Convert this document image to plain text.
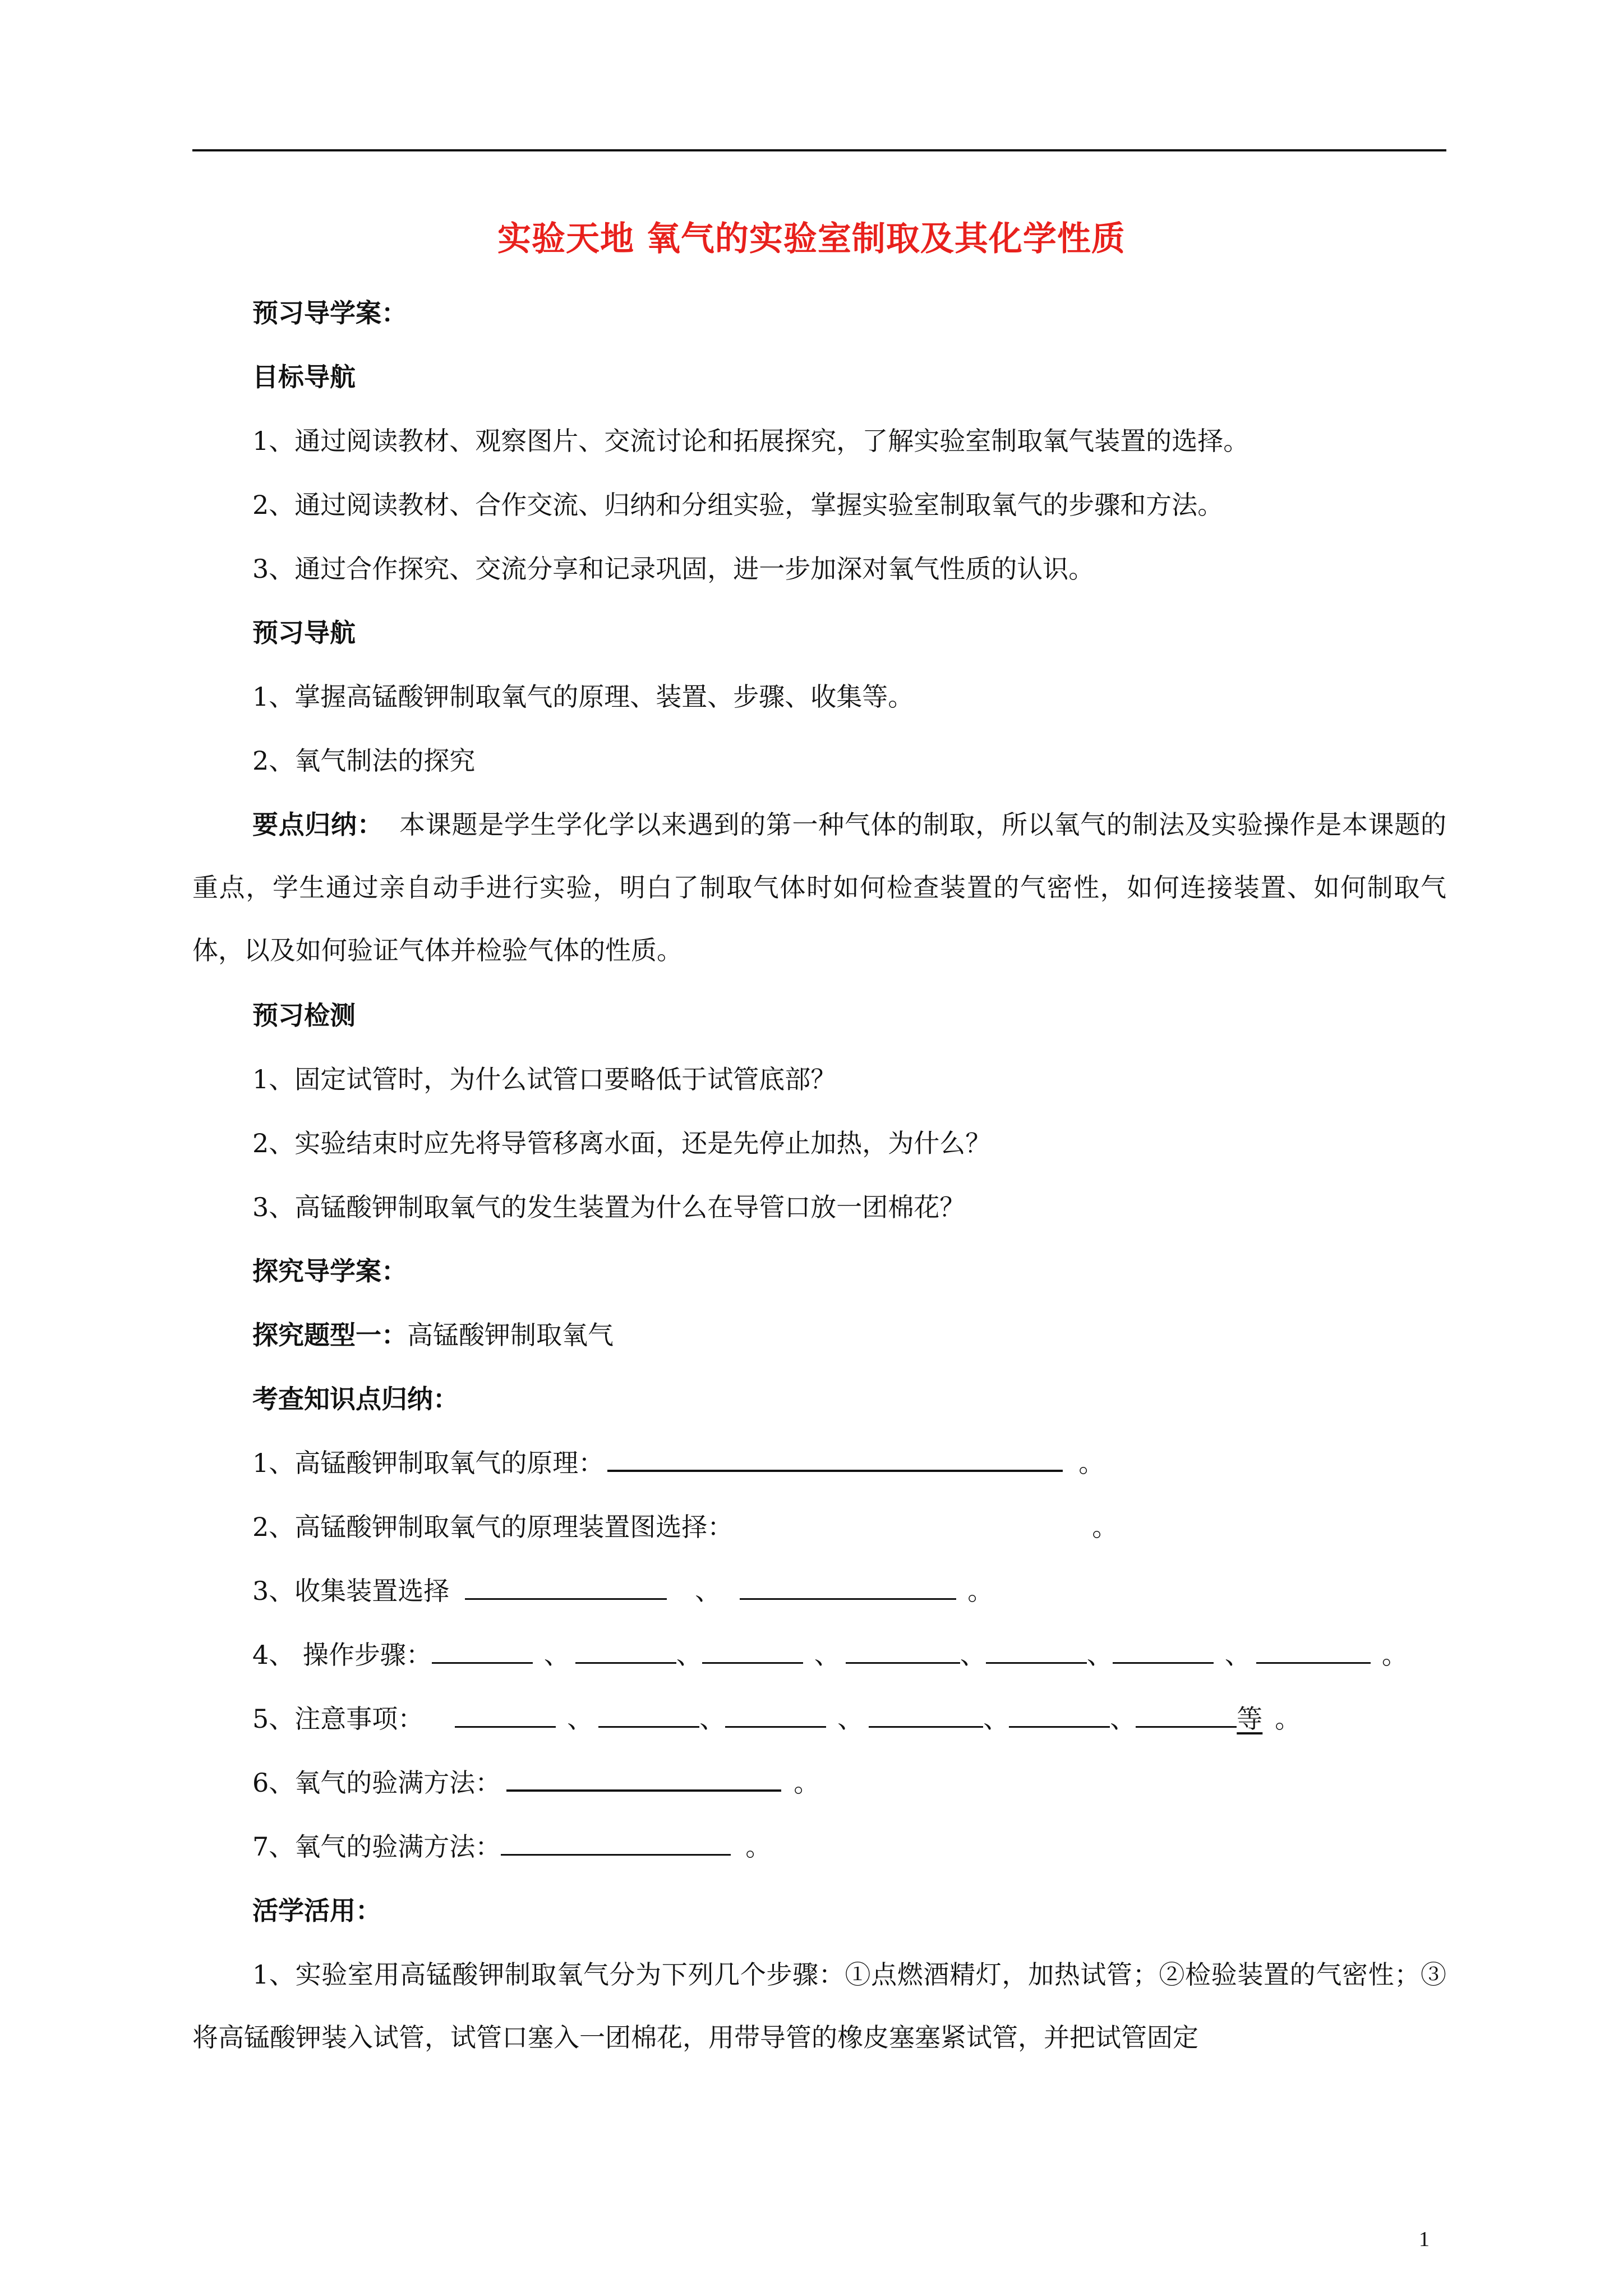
实验天地 氧气的实验室制取及其化学性质
预习导学案：
目标导航
1、通过阅读教材、观察图片、交流讨论和拓展探究，了解实验室制取氧气装置的选择。
2、通过阅读教材、合作交流、归纳和分组实验，掌握实验室制取氧气的步骤和方法。
3、通过合作探究、交流分享和记录巩固，进一步加深对氧气性质的认识。
预习导航
1、掌握高锰酸钾制取氧气的原理、装置、步骤、收集等。
2、氧气制法的探究
要点归纳： 本课题是学生学化学以来遇到的第一种气体的制取，所以氧气的制法及实验操作是本课题的重点，学生通过亲自动手进行实验，明白了制取气体时如何检查装置的气密性，如何连接装置、如何制取气体，以及如何验证气体并检验气体的性质。
预习检测
1、固定试管时，为什么试管口要略低于试管底部？
2、实验结束时应先将导管移离水面，还是先停止加热，为什么？
3、高锰酸钾制取氧气的发生装置为什么在导管口放一团棉花？
探究导学案：
探究题型一：高锰酸钾制取氧气
考查知识点归纳：
1、高锰酸钾制取氧气的原理：	。
2、高锰酸钾制取氧气的原理装置图选择：	。
3、收集装置选择	、	。
4、 操作步骤：	、	、	、	、	、	、	。
5、注意事项：	、	、	、	、	、	等 。
6、氧气的验满方法：	。
7、氧气的验满方法：	。
活学活用：
1、实验室用高锰酸钾制取氧气分为下列几个步骤：①点燃酒精灯，加热试管；②检验装置的气密性；③将高锰酸钾装入试管，试管口塞入一团棉花，用带导管的橡皮塞塞紧试管，并把试管固定
1
